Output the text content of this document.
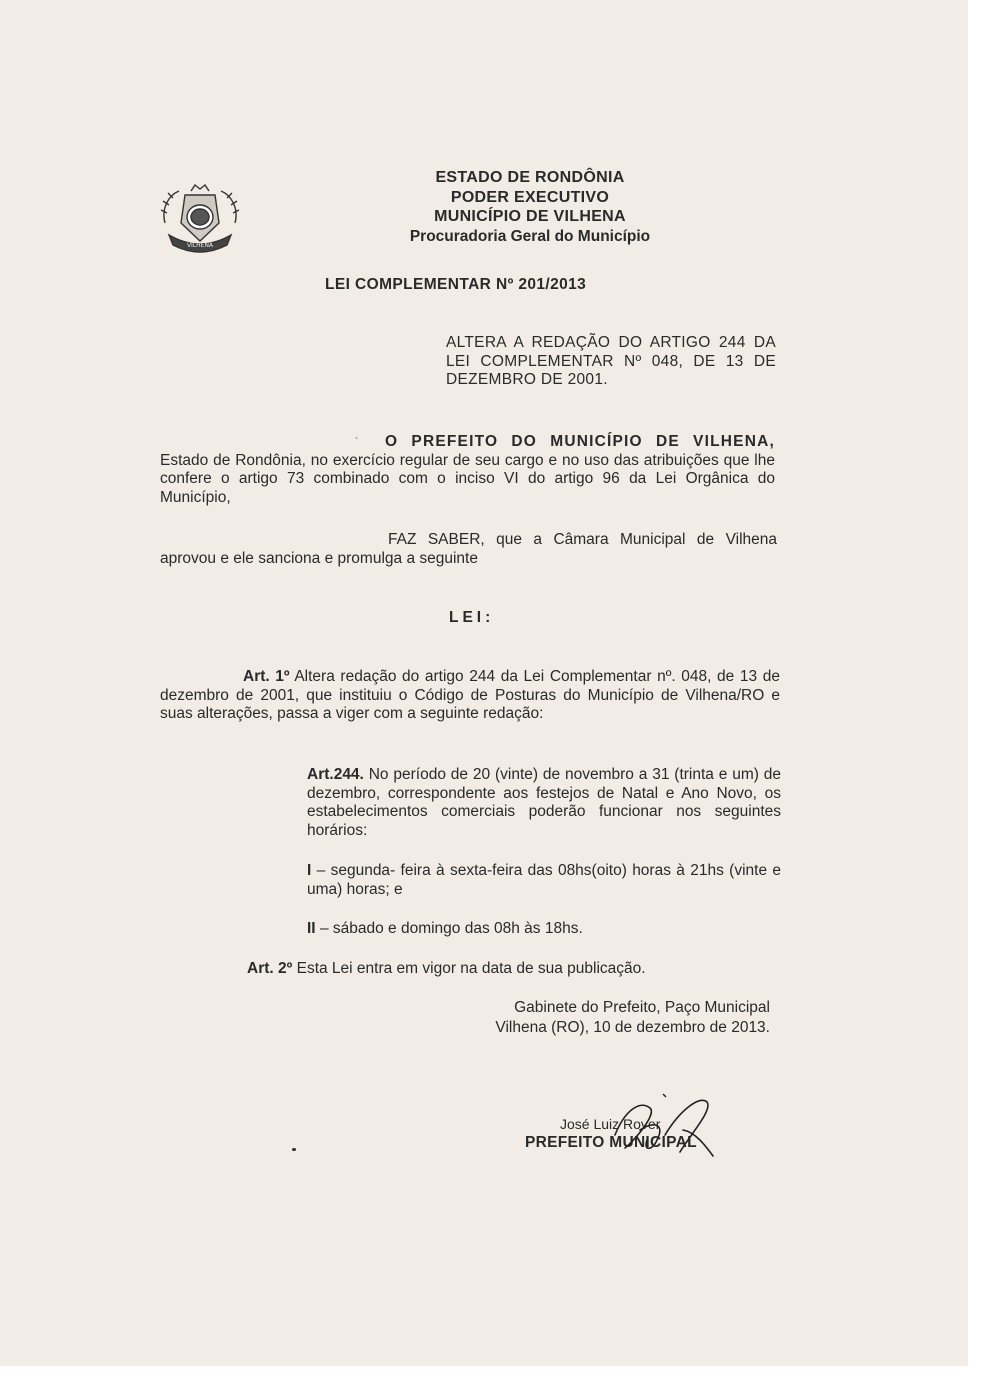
VILHENA
ESTADO DE RONDÔNIA
PODER EXECUTIVO
MUNICÍPIO DE VILHENA
Procuradoria Geral do Município
LEI COMPLEMENTAR Nº 201/2013
ALTERA A REDAÇÃO DO ARTIGO 244 DA LEI COMPLEMENTAR Nº 048, DE 13 DE DEZEMBRO DE 2001.
ˎ	O PREFEITO DO MUNICÍPIO DE VILHENA, Estado de Rondônia, no exercício regular de seu cargo e no uso das atribuições que lhe confere o artigo 73 combinado com o inciso VI do artigo 96 da Lei Orgânica do Município,
FAZ SABER, que a Câmara Municipal de Vilhena aprovou e ele sanciona e promulga a seguinte
LEI:
Art. 1º Altera redação do artigo 244 da Lei Complementar nº. 048, de 13 de dezembro de 2001, que instituiu o Código de Posturas do Município de Vilhena/RO e suas alterações, passa a viger com a seguinte redação:
Art.244. No período de 20 (vinte) de novembro a 31 (trinta e um) de dezembro, correspondente aos festejos de Natal e Ano Novo, os estabelecimentos comerciais poderão funcionar nos seguintes horários:
I – segunda- feira à sexta-feira das 08hs(oito) horas à 21hs (vinte e uma) horas; e
II – sábado e domingo das 08h às 18hs.
Art. 2º Esta Lei entra em vigor na data de sua publicação.
Gabinete do Prefeito, Paço Municipal
Vilhena (RO), 10 de dezembro de 2013.
José Luiz Rover
PREFEITO MUNICIPAL
